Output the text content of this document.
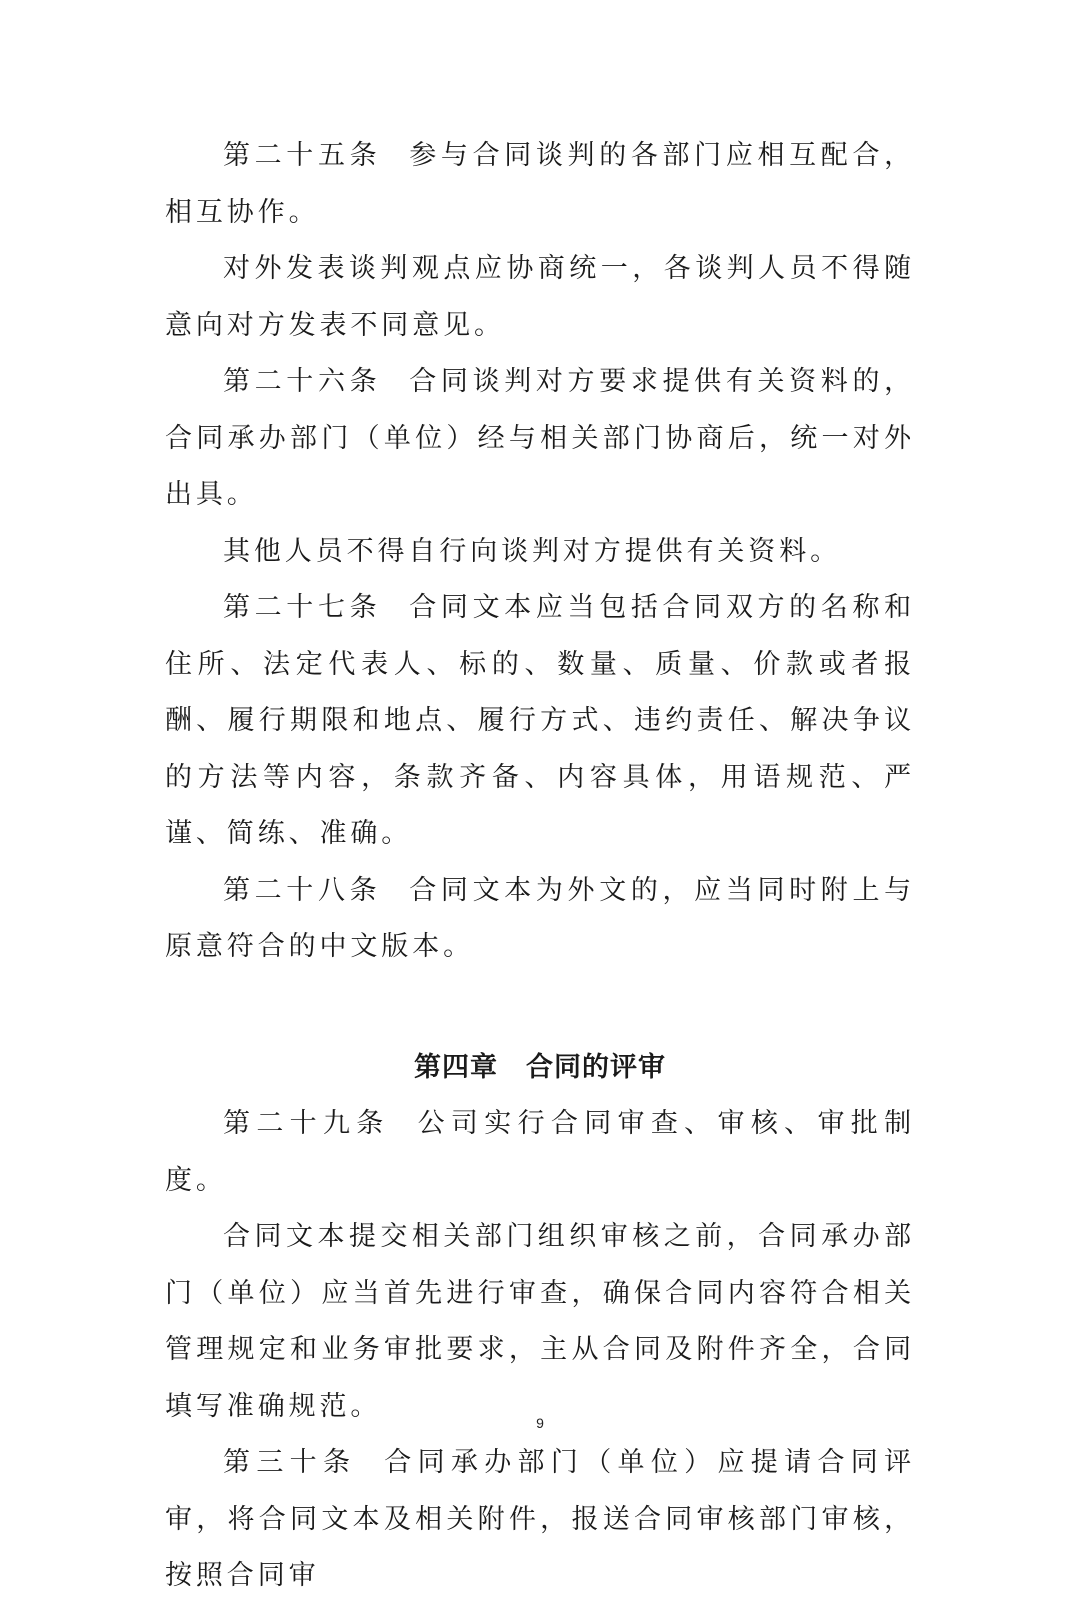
第二十五条 参与合同谈判的各部门应相互配合，相互协作。

对外发表谈判观点应协商统一，各谈判人员不得随意向对方发表不同意见。

第二十六条 合同谈判对方要求提供有关资料的，合同承办部门（单位）经与相关部门协商后，统一对外出具。

其他人员不得自行向谈判对方提供有关资料。

第二十七条 合同文本应当包括合同双方的名称和住所、法定代表人、标的、数量、质量、价款或者报酬、履行期限和地点、履行方式、违约责任、解决争议的方法等内容，条款齐备、内容具体，用语规范、严谨、简练、准确。

第二十八条 合同文本为外文的，应当同时附上与原意符合的中文版本。

第四章 合同的评审

第二十九条 公司实行合同审查、审核、审批制度。

合同文本提交相关部门组织审核之前，合同承办部门（单位）应当首先进行审查，确保合同内容符合相关管理规定和业务审批要求，主从合同及附件齐全，合同填写准确规范。

第三十条 合同承办部门（单位）应提请合同评审，将合同文本及相关附件，报送合同审核部门审核，按照合同审

9
